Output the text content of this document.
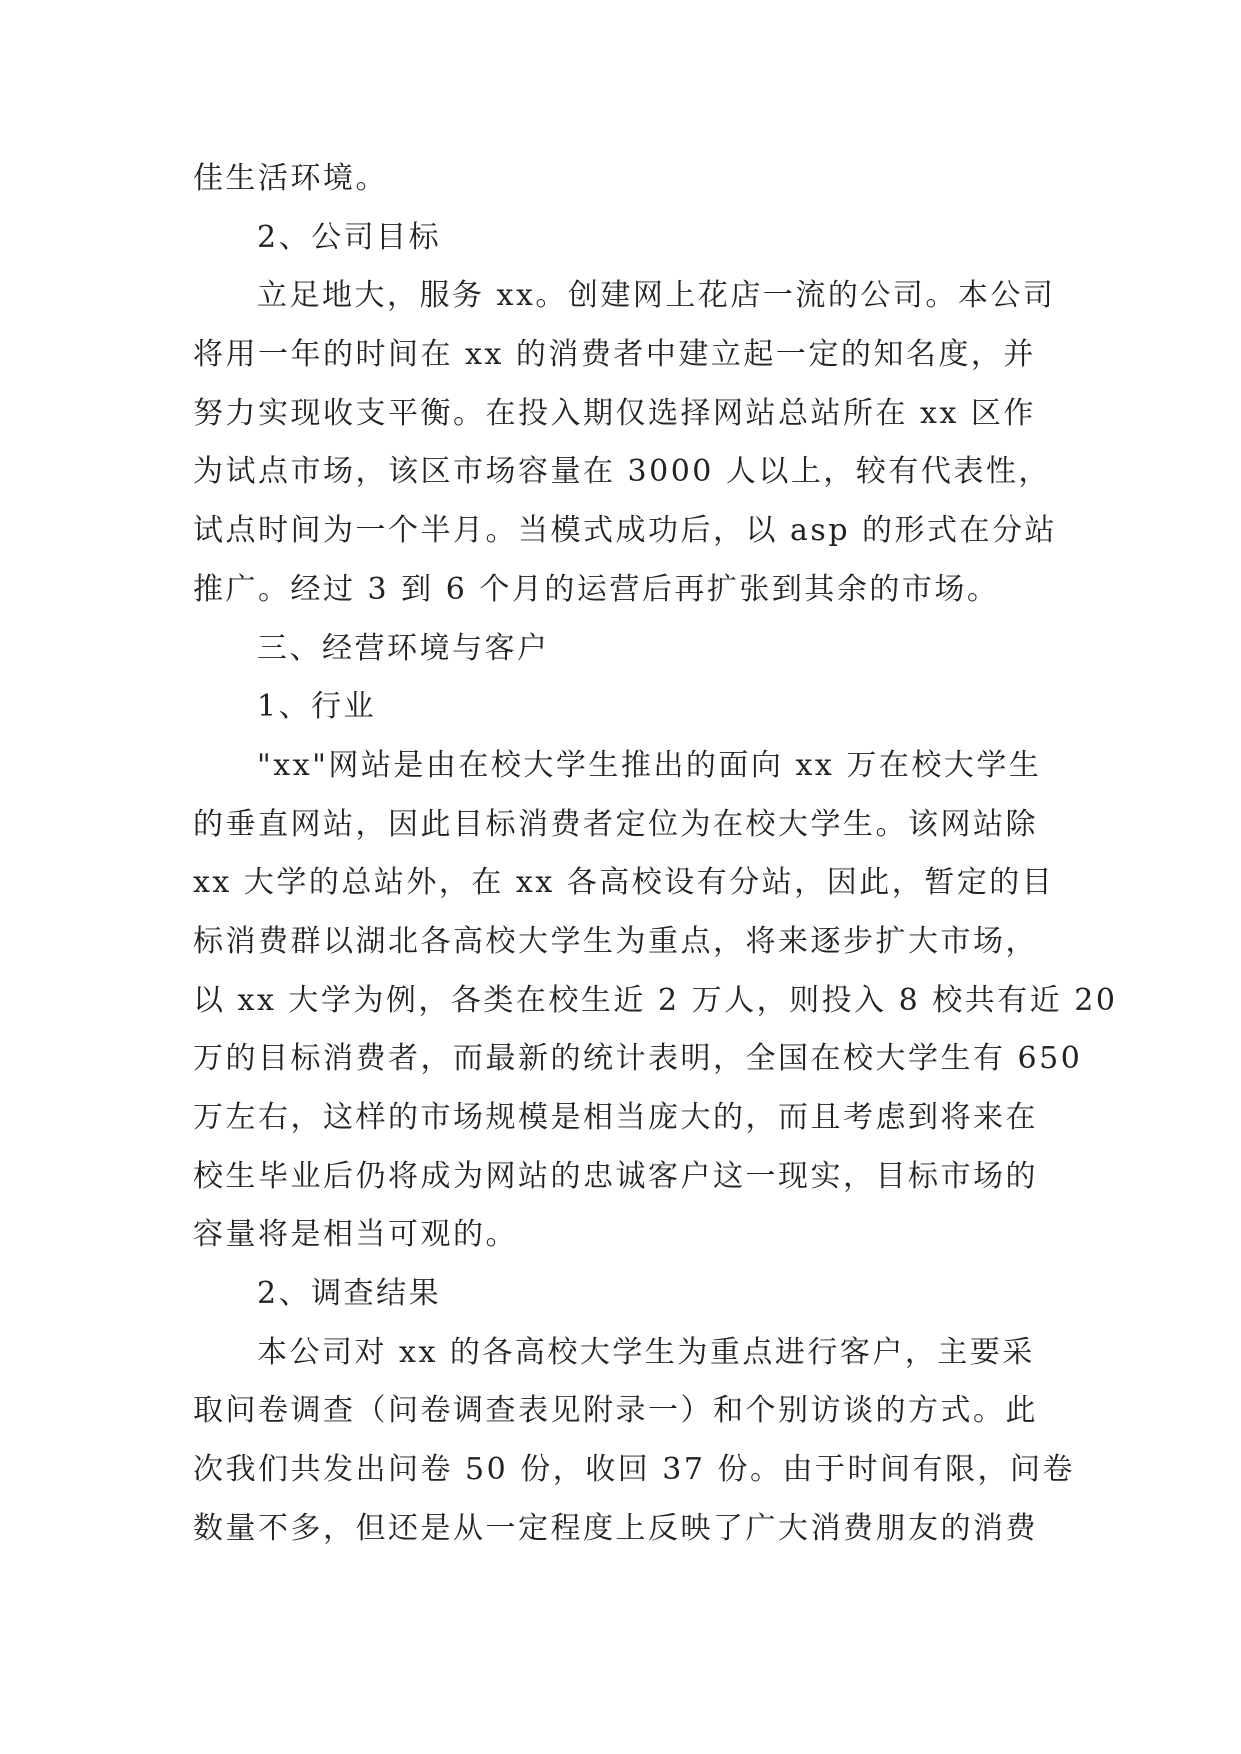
佳生活环境。
2、公司目标
立足地大，服务 xx。创建网上花店一流的公司。本公司
将用一年的时间在 xx 的消费者中建立起一定的知名度，并
努力实现收支平衡。在投入期仅选择网站总站所在 xx 区作
为试点市场，该区市场容量在 3000 人以上，较有代表性，
试点时间为一个半月。当模式成功后，以 asp 的形式在分站
推广。经过 3 到 6 个月的运营后再扩张到其余的市场。
三、经营环境与客户
1、行业
"xx"网站是由在校大学生推出的面向 xx 万在校大学生
的垂直网站，因此目标消费者定位为在校大学生。该网站除
xx 大学的总站外，在 xx 各高校设有分站，因此，暂定的目
标消费群以湖北各高校大学生为重点，将来逐步扩大市场，
以 xx 大学为例，各类在校生近 2 万人，则投入 8 校共有近 20
万的目标消费者，而最新的统计表明，全国在校大学生有 650
万左右，这样的市场规模是相当庞大的，而且考虑到将来在
校生毕业后仍将成为网站的忠诚客户这一现实，目标市场的
容量将是相当可观的。
2、调查结果
本公司对 xx 的各高校大学生为重点进行客户，主要采
取问卷调查（问卷调查表见附录一）和个别访谈的方式。此
次我们共发出问卷 50 份，收回 37 份。由于时间有限，问卷
数量不多，但还是从一定程度上反映了广大消费朋友的消费
